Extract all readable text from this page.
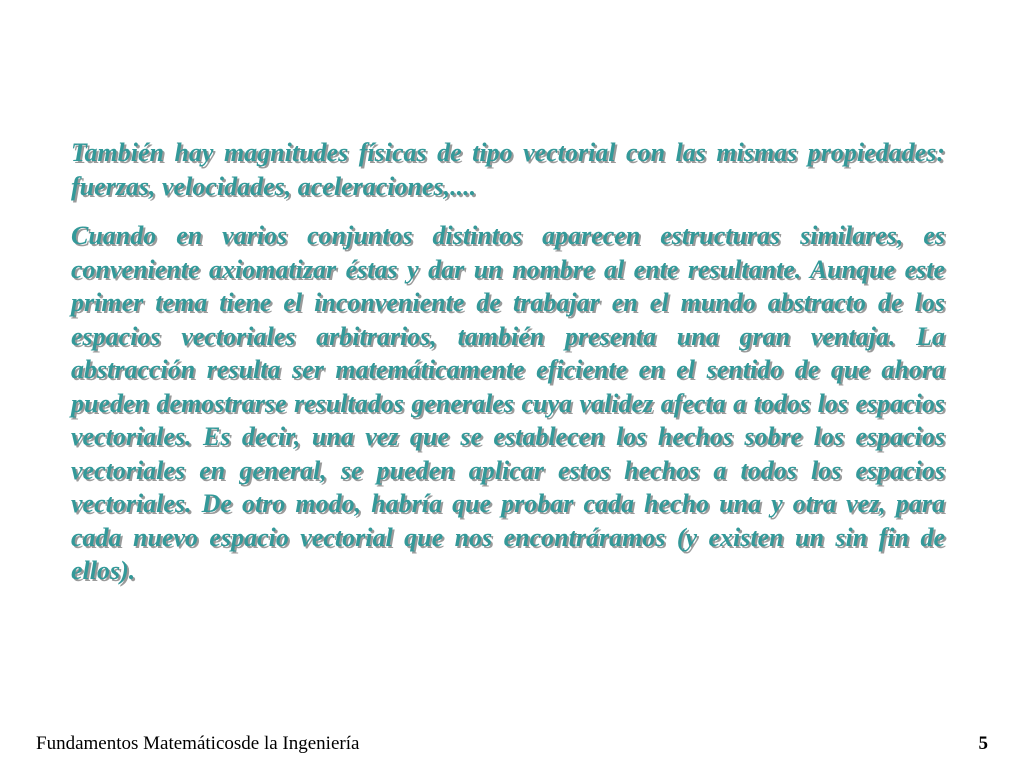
También hay magnitudes físicas de tipo vectorial con las mismas propiedades: fuerzas, velocidades, aceleraciones,....

Cuando en varios conjuntos distintos aparecen estructuras similares, es conveniente axiomatizar éstas y dar un nombre al ente resultante. Aunque este primer tema tiene el inconveniente de trabajar en el mundo abstracto de los espacios vectoriales arbitrarios, también presenta una gran ventaja. La abstracción resulta ser matemáticamente eficiente en el sentido de que ahora pueden demostrarse resultados generales cuya validez afecta a todos los espacios vectoriales. Es decir, una vez que se establecen los hechos sobre los espacios vectoriales en general, se pueden aplicar estos hechos a todos los espacios vectoriales. De otro modo, habría que probar cada hecho una y otra vez, para cada nuevo espacio vectorial que nos encontráramos (y existen un sin fin de ellos).

Fundamentos Matemáticosde la Ingeniería	5
